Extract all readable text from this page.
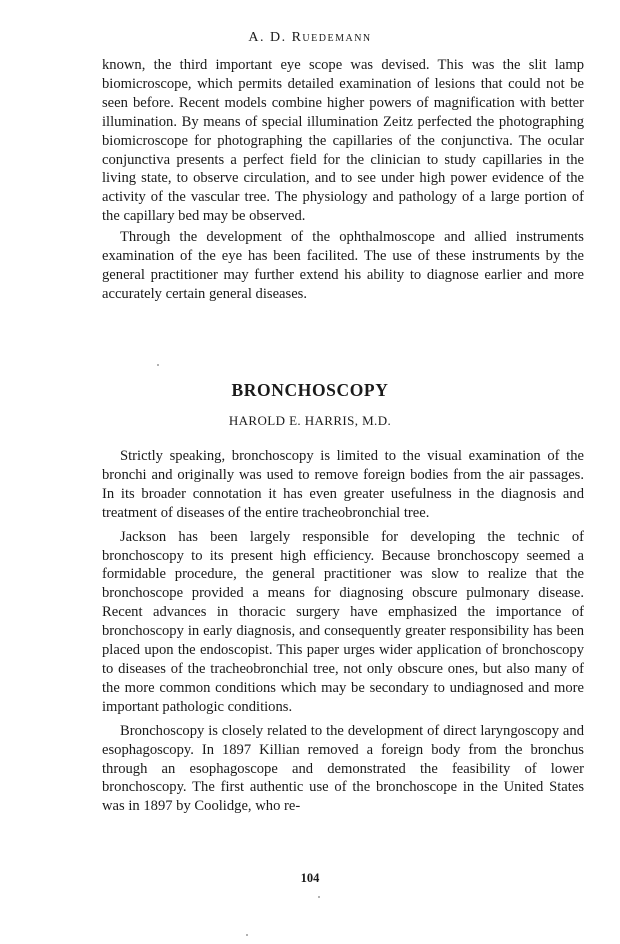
A. D. Ruedemann

known, the third important eye scope was devised. This was the slit lamp biomicroscope, which permits detailed examination of lesions that could not be seen before. Recent models combine higher powers of magnification with better illumination. By means of special illumination Zeitz perfected the photographing biomicroscope for photographing the capillaries of the conjunctiva. The ocular conjunctiva presents a perfect field for the clinician to study capillaries in the living state, to observe circulation, and to see under high power evidence of the activity of the vascular tree. The physiology and pathology of a large portion of the capillary bed may be observed.

Through the development of the ophthalmoscope and allied instruments examination of the eye has been facilited. The use of these instruments by the general practitioner may further extend his ability to diagnose earlier and more accurately certain general diseases.

BRONCHOSCOPY
HAROLD E. HARRIS, M.D.

Strictly speaking, bronchoscopy is limited to the visual examination of the bronchi and originally was used to remove foreign bodies from the air passages. In its broader connotation it has even greater usefulness in the diagnosis and treatment of diseases of the entire tracheobronchial tree.

Jackson has been largely responsible for developing the technic of bronchoscopy to its present high efficiency. Because bronchoscopy seemed a formidable procedure, the general practitioner was slow to realize that the bronchoscope provided a means for diagnosing obscure pulmonary disease. Recent advances in thoracic surgery have emphasized the importance of bronchoscopy in early diagnosis, and consequently greater responsibility has been placed upon the endoscopist. This paper urges wider application of bronchoscopy to diseases of the tracheobronchial tree, not only obscure ones, but also many of the more common conditions which may be secondary to undiagnosed and more important pathologic conditions.

Bronchoscopy is closely related to the development of direct laryngoscopy and esophagoscopy. In 1897 Killian removed a foreign body from the bronchus through an esophagoscope and demonstrated the feasibility of lower bronchoscopy. The first authentic use of the bronchoscope in the United States was in 1897 by Coolidge, who re-

104
